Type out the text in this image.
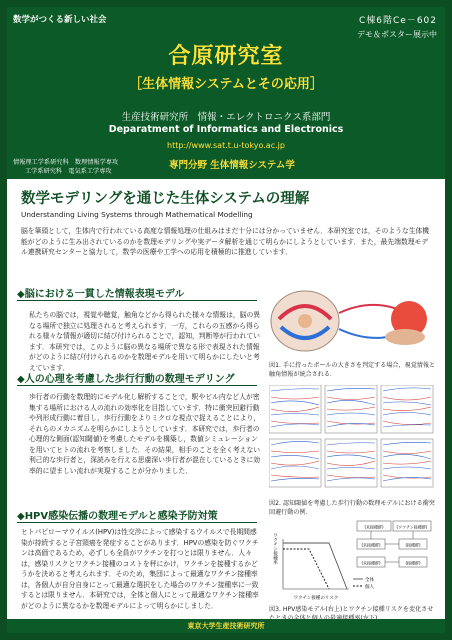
数学がつくる新しい社会	C棟6階Ce－602
デモ＆ポスター展示中
合原研究室
［生体情報システムとその応用］
生産技術研究所　情報・エレクトロニクス系部門
Deparatment of Informatics and Electronics
http://www.sat.t.u-tokyo.ac.jp
情報理工学系研究科　数理情報学専攻
工学系研究科　電気系工学専攻
専門分野 生体情報システム学
数学モデリングを通じた生体システムの理解
Understanding Living Systems through Mathematical Modelling
脳を筆頭として，生体内で行われている高度な情報処理の仕組みはまだ十分には分かっていません．本研究室では，そのような生体機能がどのように生み出されているのかを数理モデリングや実データ解析を通じて明らかにしようとしています．また，最先端数理モデル連携研究センターと協力して，数学の医療や工学への応用を積極的に推進しています．
◆脳における一貫した情報表現モデル
私たちの脳では，視覚や聴覚，触角などから得られた様々な情報は，脳の異なる場所で独立に処理されると考えられます．一方，これらの五感から得られる様々な情報が適切に結び付けられることで，認知，判断等が行われています．本研究では，このように脳の異なる場所で異なる形で表現された情報がどのように結び付けられるのかを数理モデルを用いて明らかにしたいと考えています．	図1. 手に持ったボールの大きさを判定する場合，視覚情報と触角情報が統合される．
◆人の心理を考慮した歩行行動の数理モデリング
歩行者の行動を数理的にモデル化し解析することで，駅やビル内など人が密集する場所における人の流れの効率化を目指しています．特に衝突回避行動や列形成行動に着目し，歩行行動をよりミクロな視点で捉えることにより，それらのメカニズムを明らかにしようとしています．本研究では，歩行者の心理的な側面(認知閾値)を考慮したモデルを構築し，数値シミュレーションを用いてヒトの流れを考察しました．その結果，相手のことを全く考えない利己的な歩行者と，深読みを行える思慮深い歩行者が混在しているときに効率的に望ましい流れが実現することが分かりました．
図2. 認知閾値を考慮した歩行行動の数理モデルにおける衝突回避行動の例．
◆HPV感染伝播の数理モデルと感染予防対策
ヒトパピローマウイルス(HPV)は性交渉によって感染するウイルスで長期間感染が持続すると子宮頸癌を発症することがあります．HPVの感染を防ぐワクチンは高価であるため，必ずしも全員がワクチンを打つとは限りません．人々は，感染リスクとワクチン接種のコストを秤にかけ，ワクチンを接種するかどうかを決めると考えられます．そのため，集団によって最適なワクチン接種率は，各個人が自分自身にとって最適な選択をした場合のワクチン接種率に一致するとは限りません．本研究では，全体と個人にとって最適なワクチン接種率がどのように異なるかを数理モデルによって明らかにしました．
(未接種群)	(ワクチン接種群)
(未接種群)	(接種群)
(未接種群)	(接種群)
ワクチン接種率
全体
個人
ワクチン接種のリスク
図3. HPV感染モデル(右上)とワクチン接種リスクを変化させ
東京大学生産技術研究所
